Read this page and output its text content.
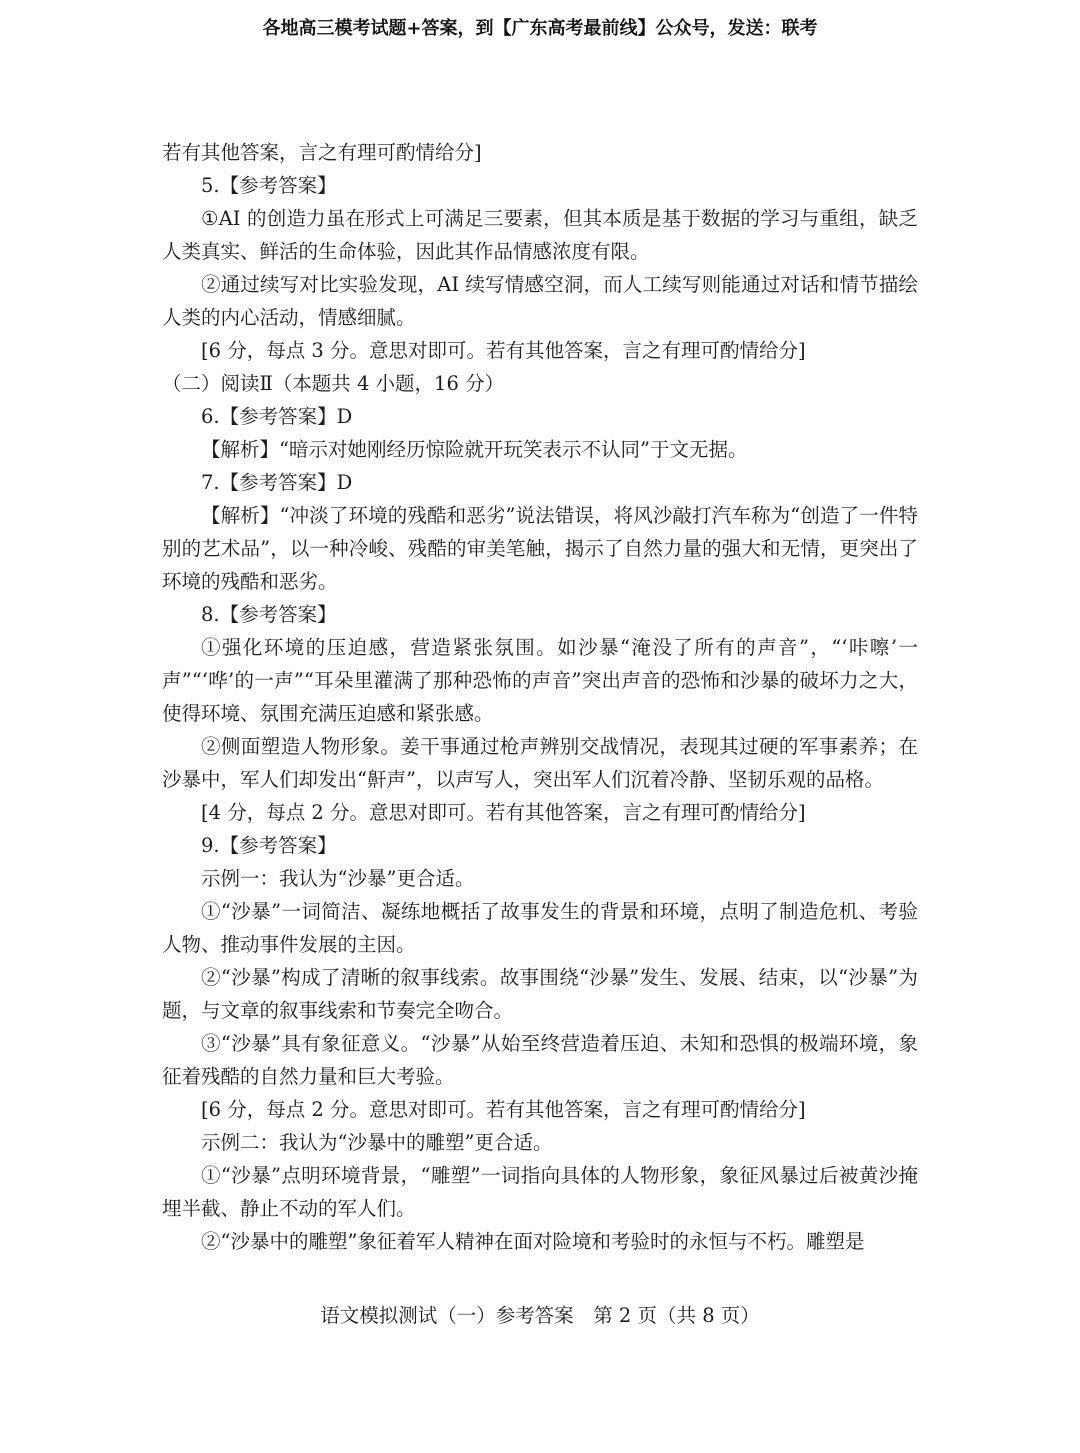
各地高三模考试题+答案，到【广东高考最前线】公众号，发送：联考
若有其他答案，言之有理可酌情给分]

5.【参考答案】

①AI 的创造力虽在形式上可满足三要素，但其本质是基于数据的学习与重组，缺乏人类真实、鲜活的生命体验，因此其作品情感浓度有限。

②通过续写对比实验发现，AI 续写情感空洞，而人工续写则能通过对话和情节描绘人类的内心活动，情感细腻。

[6 分，每点 3 分。意思对即可。若有其他答案，言之有理可酌情给分]

（二）阅读Ⅱ（本题共 4 小题，16 分）

6.【参考答案】D

【解析】“暗示对她刚经历惊险就开玩笑表示不认同”于文无据。

7.【参考答案】D

【解析】“冲淡了环境的残酷和恶劣”说法错误，将风沙敲打汽车称为“创造了一件特别的艺术品”，以一种冷峻、残酷的审美笔触，揭示了自然力量的强大和无情，更突出了环境的残酷和恶劣。

8.【参考答案】

①强化环境的压迫感，营造紧张氛围。如沙暴“淹没了所有的声音”，“‘咔嚓’一声”“‘哗’的一声”“耳朵里灌满了那种恐怖的声音”突出声音的恐怖和沙暴的破坏力之大，使得环境、氛围充满压迫感和紧张感。

②侧面塑造人物形象。姜干事通过枪声辨别交战情况，表现其过硬的军事素养；在沙暴中，军人们却发出“鼾声”，以声写人，突出军人们沉着冷静、坚韧乐观的品格。

[4 分，每点 2 分。意思对即可。若有其他答案，言之有理可酌情给分]

9.【参考答案】

示例一：我认为“沙暴”更合适。

①“沙暴”一词简洁、凝练地概括了故事发生的背景和环境，点明了制造危机、考验人物、推动事件发展的主因。

②“沙暴”构成了清晰的叙事线索。故事围绕“沙暴”发生、发展、结束，以“沙暴”为题，与文章的叙事线索和节奏完全吻合。

③“沙暴”具有象征意义。“沙暴”从始至终营造着压迫、未知和恐惧的极端环境，象征着残酷的自然力量和巨大考验。

[6 分，每点 2 分。意思对即可。若有其他答案，言之有理可酌情给分]

示例二：我认为“沙暴中的雕塑”更合适。

①“沙暴”点明环境背景，“雕塑”一词指向具体的人物形象，象征风暴过后被黄沙掩埋半截、静止不动的军人们。

②“沙暴中的雕塑”象征着军人精神在面对险境和考验时的永恒与不朽。雕塑是

语文模拟测试（一）参考答案　第 2 页（共 8 页）
